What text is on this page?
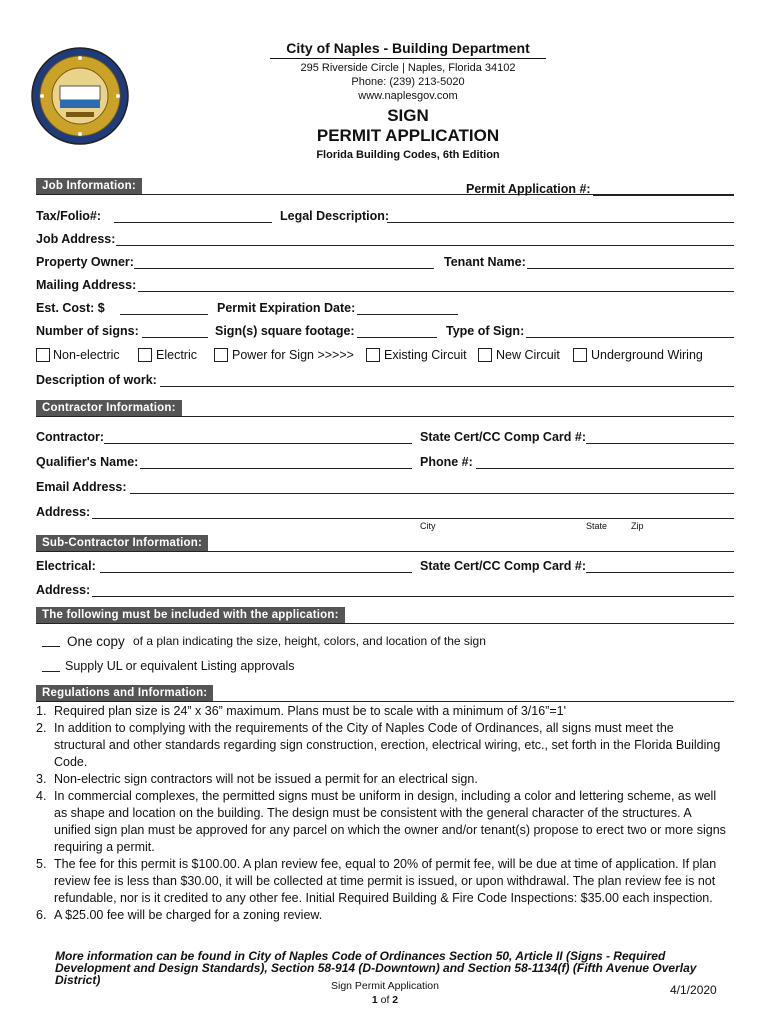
City of Naples - Building Department
295 Riverside Circle | Naples, Florida 34102
Phone: (239) 213-5020
www.naplesgov.com
SIGN
PERMIT APPLICATION
Florida Building Codes, 6th Edition
Job Information:	Permit Application #:
Tax/Folio#:	Legal Description:
Job Address:
Property Owner:	Tenant Name:
Mailing Address:
Est. Cost: $	Permit Expiration Date:
Number of signs:	Sign(s) square footage:	Type of Sign:
Non-electric	Electric	Power for Sign >>>>> Existing Circuit New Circuit Underground Wiring
Description of work:
Contractor Information:
Contractor:	State Cert/CC Comp Card #:
Qualifier's Name:	Phone #:
Email Address:
Address:
City	State	Zip
Sub-Contractor Information:
Electrical:	State Cert/CC Comp Card #:
Address:
The following must be included with the application:
One copy of a plan indicating the size, height, colors, and location of the sign
Supply UL or equivalent Listing approvals
Regulations and Information:
1. Required plan size is 24” x 36” maximum. Plans must be to scale with a minimum of 3/16”=1'
2. In addition to complying with the requirements of the City of Naples Code of Ordinances, all signs must meet the structural and other standards regarding sign construction, erection, electrical wiring, etc., set forth in the Florida Building Code.
3. Non-electric sign contractors will not be issued a permit for an electrical sign.
4. In commercial complexes, the permitted signs must be uniform in design, including a color and lettering scheme, as well as shape and location on the building. The design must be consistent with the general character of the structures. A unified sign plan must be approved for any parcel on which the owner and/or tenant(s) propose to erect two or more signs requiring a permit.
5. The fee for this permit is $100.00. A plan review fee, equal to 20% of permit fee, will be due at time of application. If plan review fee is less than $30.00, it will be collected at time permit is issued, or upon withdrawal. The plan review fee is not refundable, nor is it credited to any other fee. Initial Required Building & Fire Code Inspections: $35.00 each inspection.
6. A $25.00 fee will be charged for a zoning review.
More information can be found in City of Naples Code of Ordinances Section 50, Article II (Signs - Required Development and Design Standards), Section 58-914 (D-Downtown) and Section 58-1134(f) (Fifth Avenue Overlay District)	Sign Permit Application
1 of 2
4/1/2020
